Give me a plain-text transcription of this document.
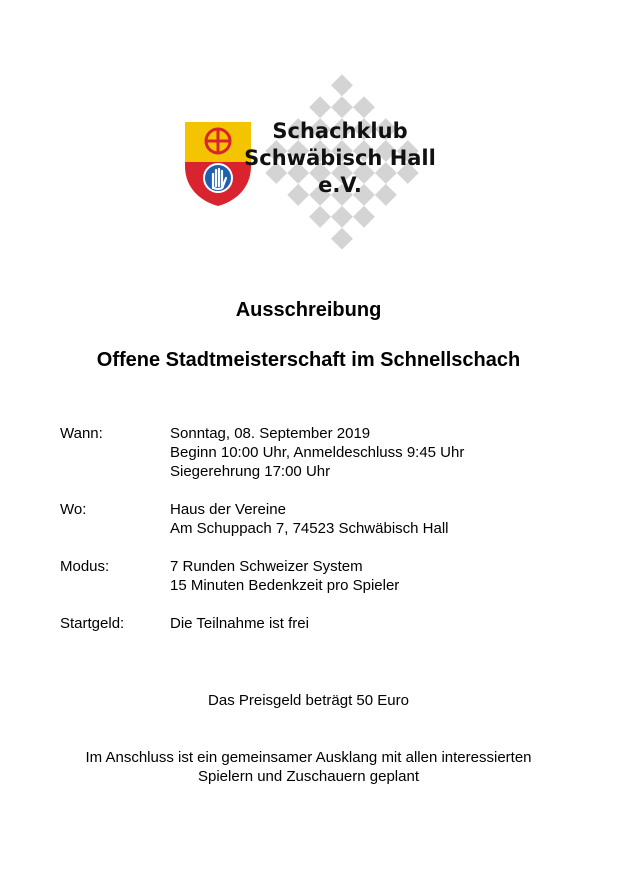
Schachklub
Schwäbisch Hall
e.V.
Ausschreibung
Offene Stadtmeisterschaft im Schnellschach
Wann:	Sonntag, 08. September 2019
Beginn 10:00 Uhr, Anmeldeschluss 9:45 Uhr
Siegerehrung 17:00 Uhr
Wo:	Haus der Vereine
Am Schuppach 7, 74523 Schwäbisch Hall
Modus:	7 Runden Schweizer System
15 Minuten Bedenkzeit pro Spieler
Startgeld:	Die Teilnahme ist frei
Das Preisgeld beträgt 50 Euro
Im Anschluss ist ein gemeinsamer Ausklang mit allen interessierten
Spielern und Zuschauern geplant
